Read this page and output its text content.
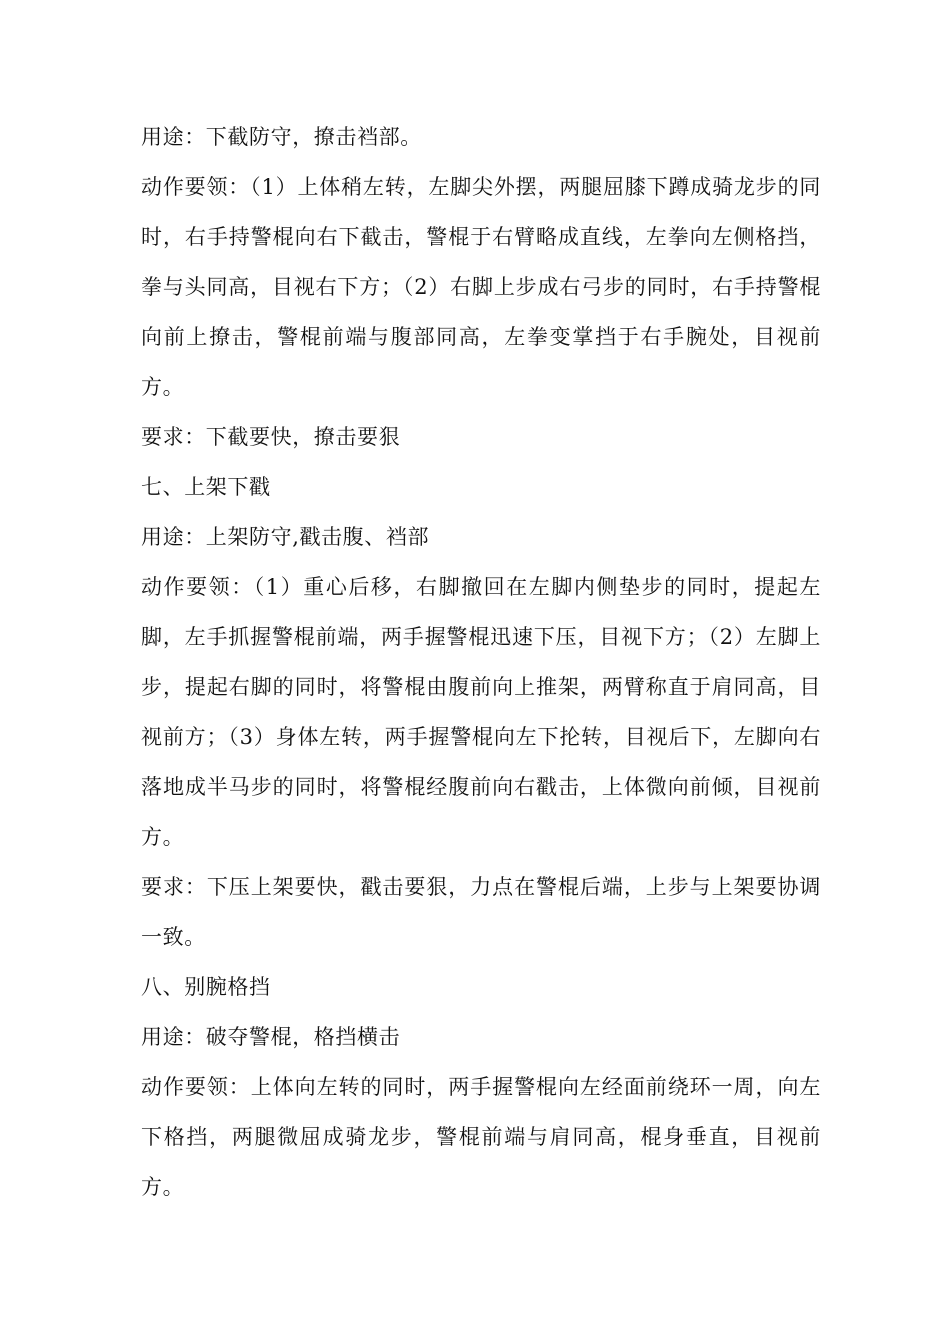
用途：下截防守，撩击裆部。

动作要领：（1）上体稍左转，左脚尖外摆，两腿屈膝下蹲成骑龙步的同时，右手持警棍向右下截击，警棍于右臂略成直线，左拳向左侧格挡，拳与头同高，目视右下方；（2）右脚上步成右弓步的同时，右手持警棍向前上撩击，警棍前端与腹部同高，左拳变掌挡于右手腕处，目视前方。

要求：下截要快，撩击要狠

七、上架下戳

用途：上架防守,戳击腹、裆部

动作要领：（1）重心后移，右脚撤回在左脚内侧垫步的同时，提起左脚，左手抓握警棍前端，两手握警棍迅速下压，目视下方；（2）左脚上步，提起右脚的同时，将警棍由腹前向上推架，两臂称直于肩同高，目视前方；（3）身体左转，两手握警棍向左下抡转，目视后下，左脚向右落地成半马步的同时，将警棍经腹前向右戳击，上体微向前倾，目视前方。

要求：下压上架要快，戳击要狠，力点在警棍后端，上步与上架要协调一致。

八、别腕格挡

用途：破夺警棍，格挡横击

动作要领：上体向左转的同时，两手握警棍向左经面前绕环一周，向左下格挡，两腿微屈成骑龙步，警棍前端与肩同高，棍身垂直，目视前方。
